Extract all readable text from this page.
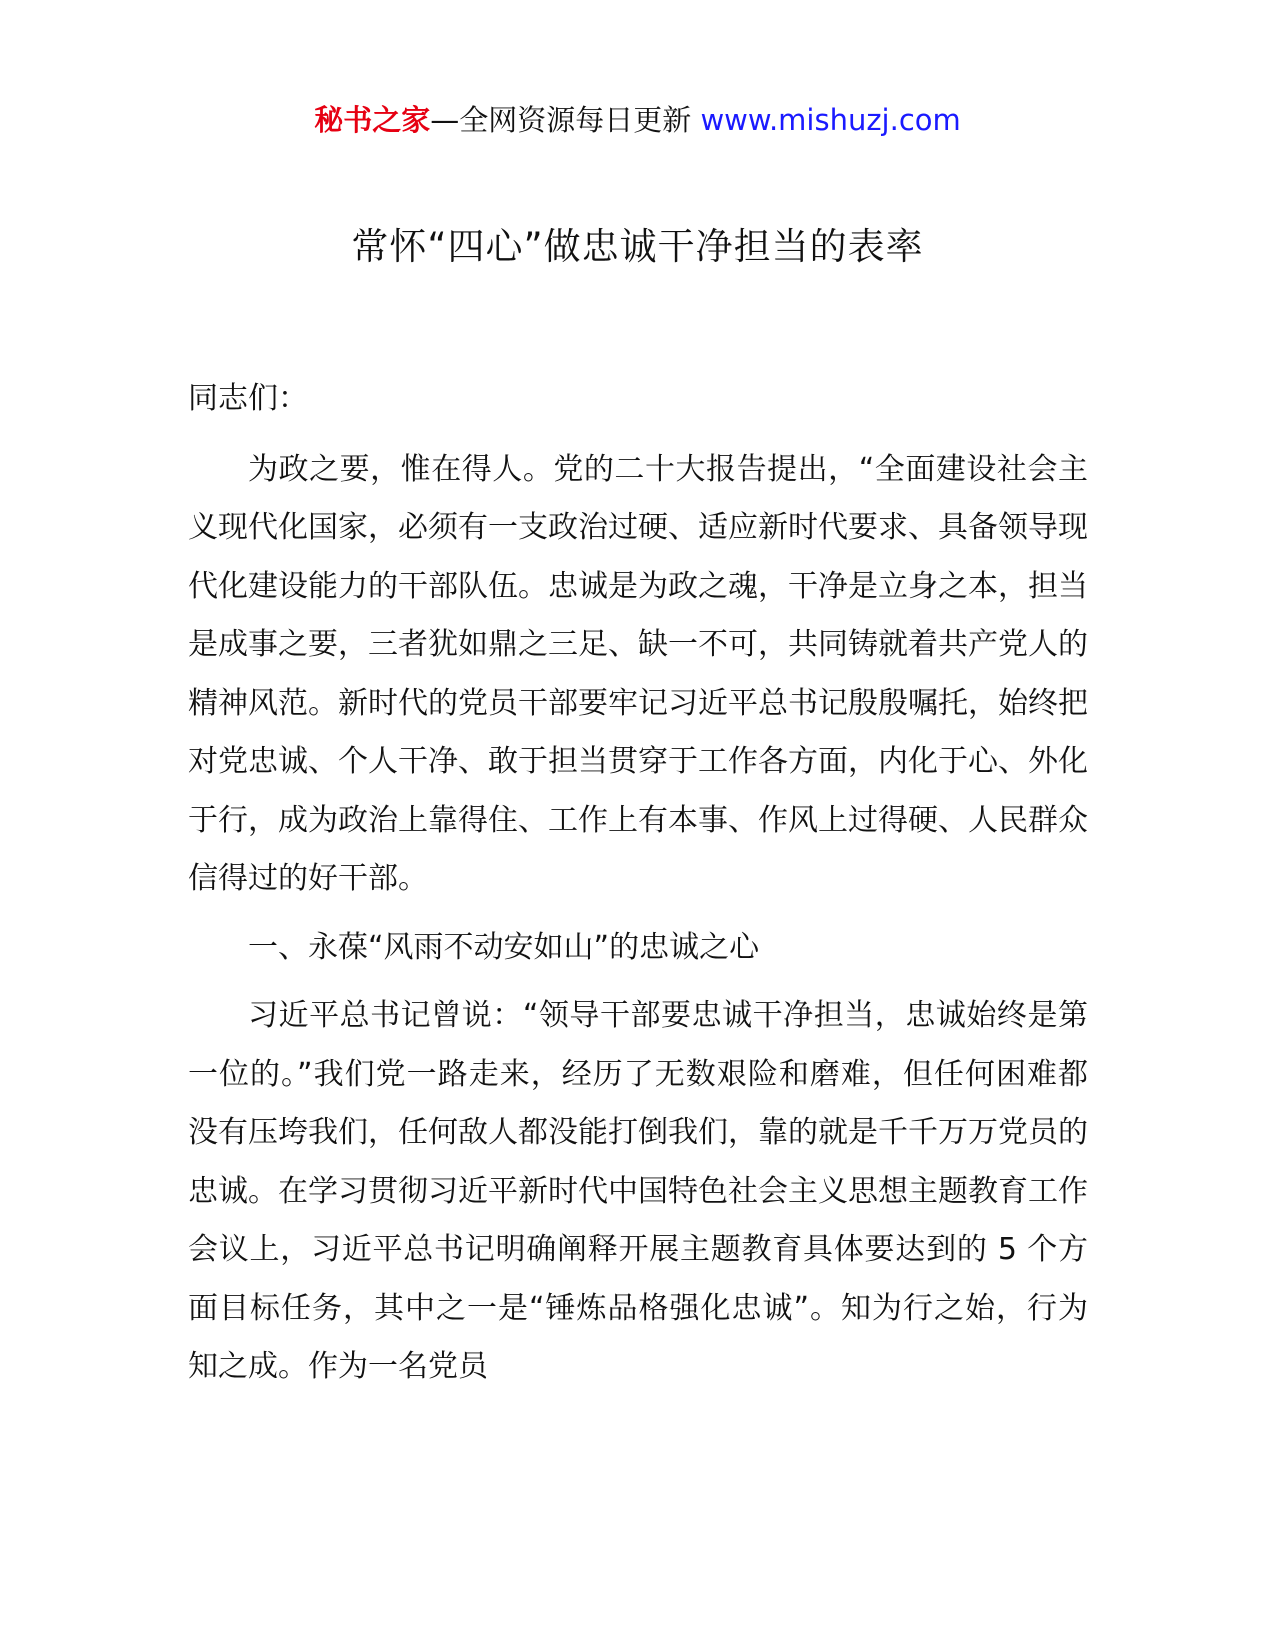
秘书之家—全网资源每日更新 www.mishuzj.com
常怀“四心”做忠诚干净担当的表率

同志们：

为政之要，惟在得人。党的二十大报告提出，“全面建设社会主义现代化国家，必须有一支政治过硬、适应新时代要求、具备领导现代化建设能力的干部队伍。忠诚是为政之魂，干净是立身之本，担当是成事之要，三者犹如鼎之三足、缺一不可，共同铸就着共产党人的精神风范。新时代的党员干部要牢记习近平总书记殷殷嘱托，始终把对党忠诚、个人干净、敢于担当贯穿于工作各方面，内化于心、外化于行，成为政治上靠得住、工作上有本事、作风上过得硬、人民群众信得过的好干部。

一、永葆“风雨不动安如山”的忠诚之心

习近平总书记曾说：“领导干部要忠诚干净担当，忠诚始终是第一位的。”我们党一路走来，经历了无数艰险和磨难，但任何困难都没有压垮我们，任何敌人都没能打倒我们，靠的就是千千万万党员的忠诚。在学习贯彻习近平新时代中国特色社会主义思想主题教育工作会议上，习近平总书记明确阐释开展主题教育具体要达到的 5 个方面目标任务，其中之一是“锤炼品格强化忠诚”。知为行之始，行为知之成。作为一名党员
